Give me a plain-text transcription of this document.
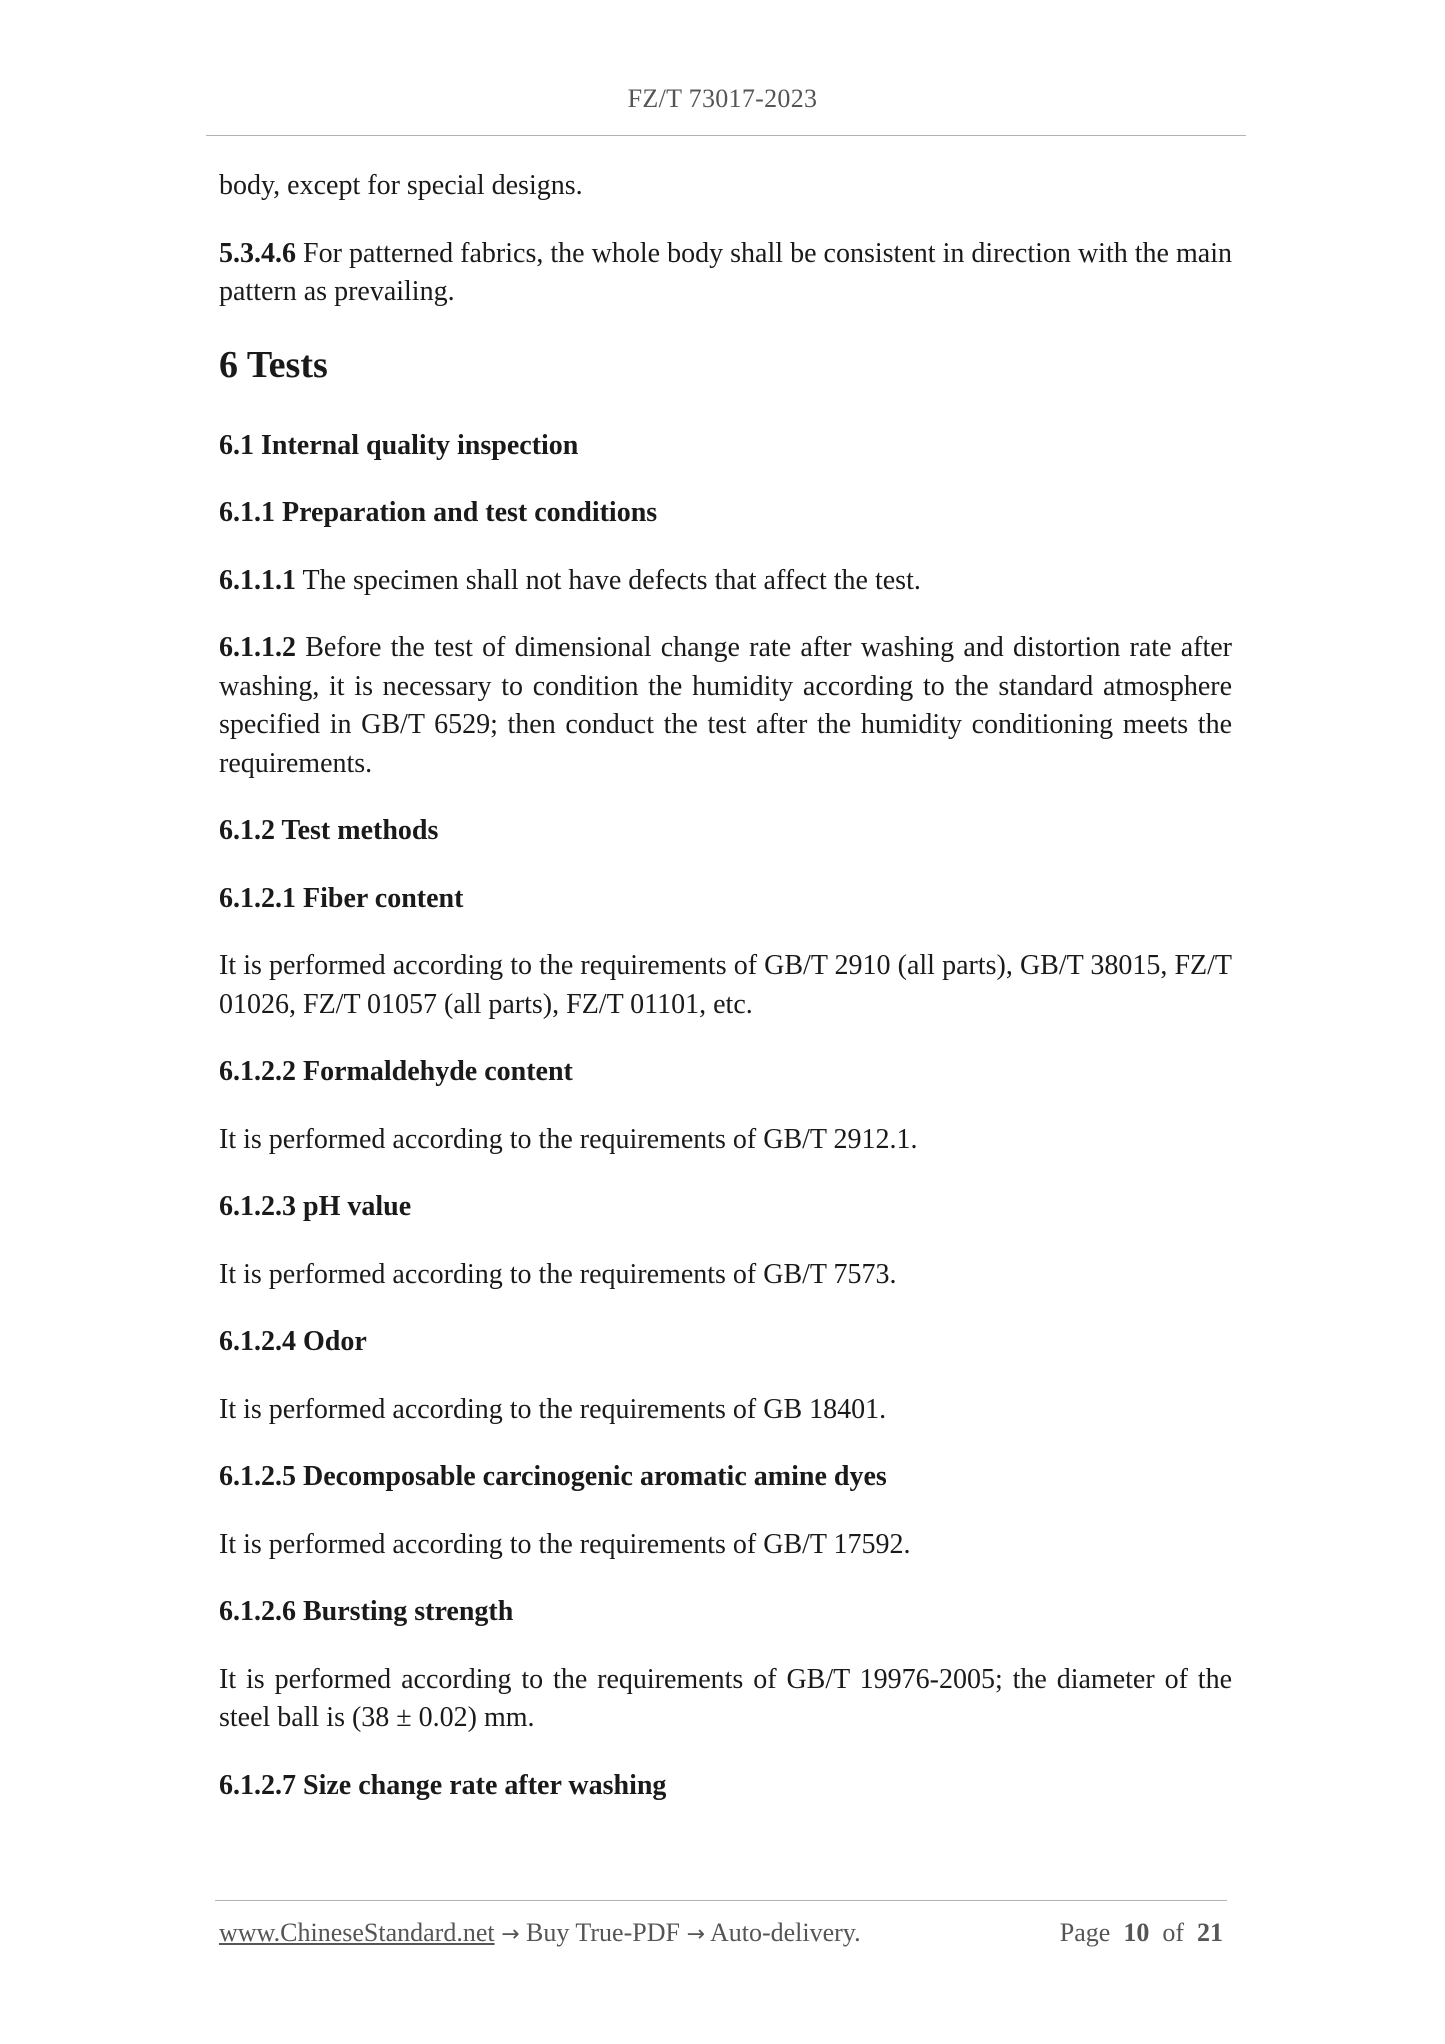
FZ/T 73017-2023

body, except for special designs.

5.3.4.6 For patterned fabrics, the whole body shall be consistent in direction with the main pattern as prevailing.

6 Tests
6.1 Internal quality inspection
6.1.1 Preparation and test conditions

6.1.1.1 The specimen shall not have defects that affect the test.

6.1.1.2 Before the test of dimensional change rate after washing and distortion rate after washing, it is necessary to condition the humidity according to the standard atmosphere specified in GB/T 6529; then conduct the test after the humidity conditioning meets the requirements.

6.1.2 Test methods
6.1.2.1 Fiber content

It is performed according to the requirements of GB/T 2910 (all parts), GB/T 38015, FZ/T 01026, FZ/T 01057 (all parts), FZ/T 01101, etc.

6.1.2.2 Formaldehyde content

It is performed according to the requirements of GB/T 2912.1.

6.1.2.3 pH value

It is performed according to the requirements of GB/T 7573.

6.1.2.4 Odor

It is performed according to the requirements of GB 18401.

6.1.2.5 Decomposable carcinogenic aromatic amine dyes

It is performed according to the requirements of GB/T 17592.

6.1.2.6 Bursting strength

It is performed according to the requirements of GB/T 19976-2005; the diameter of the steel ball is (38 ± 0.02) mm.

6.1.2.7 Size change rate after washing
www.ChineseStandard.net → Buy True-PDF → Auto-delivery.	Page 10 of 21
